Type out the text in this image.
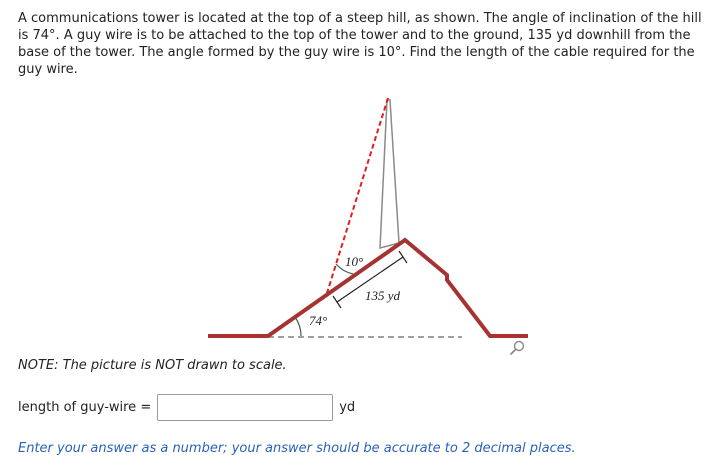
A communications tower is located at the top of a steep hill, as shown. The angle of inclination of the hill is 74°. A guy wire is to be attached to the top of the tower and to the ground, 135 yd downhill from the base of the tower. The angle formed by the guy wire is 10°. Find the length of the cable required for the guy wire.

10°
135 yd
74°

NOTE: The picture is NOT drawn to scale.

length of guy-wire =	yd

Enter your answer as a number; your answer should be accurate to 2 decimal places.
